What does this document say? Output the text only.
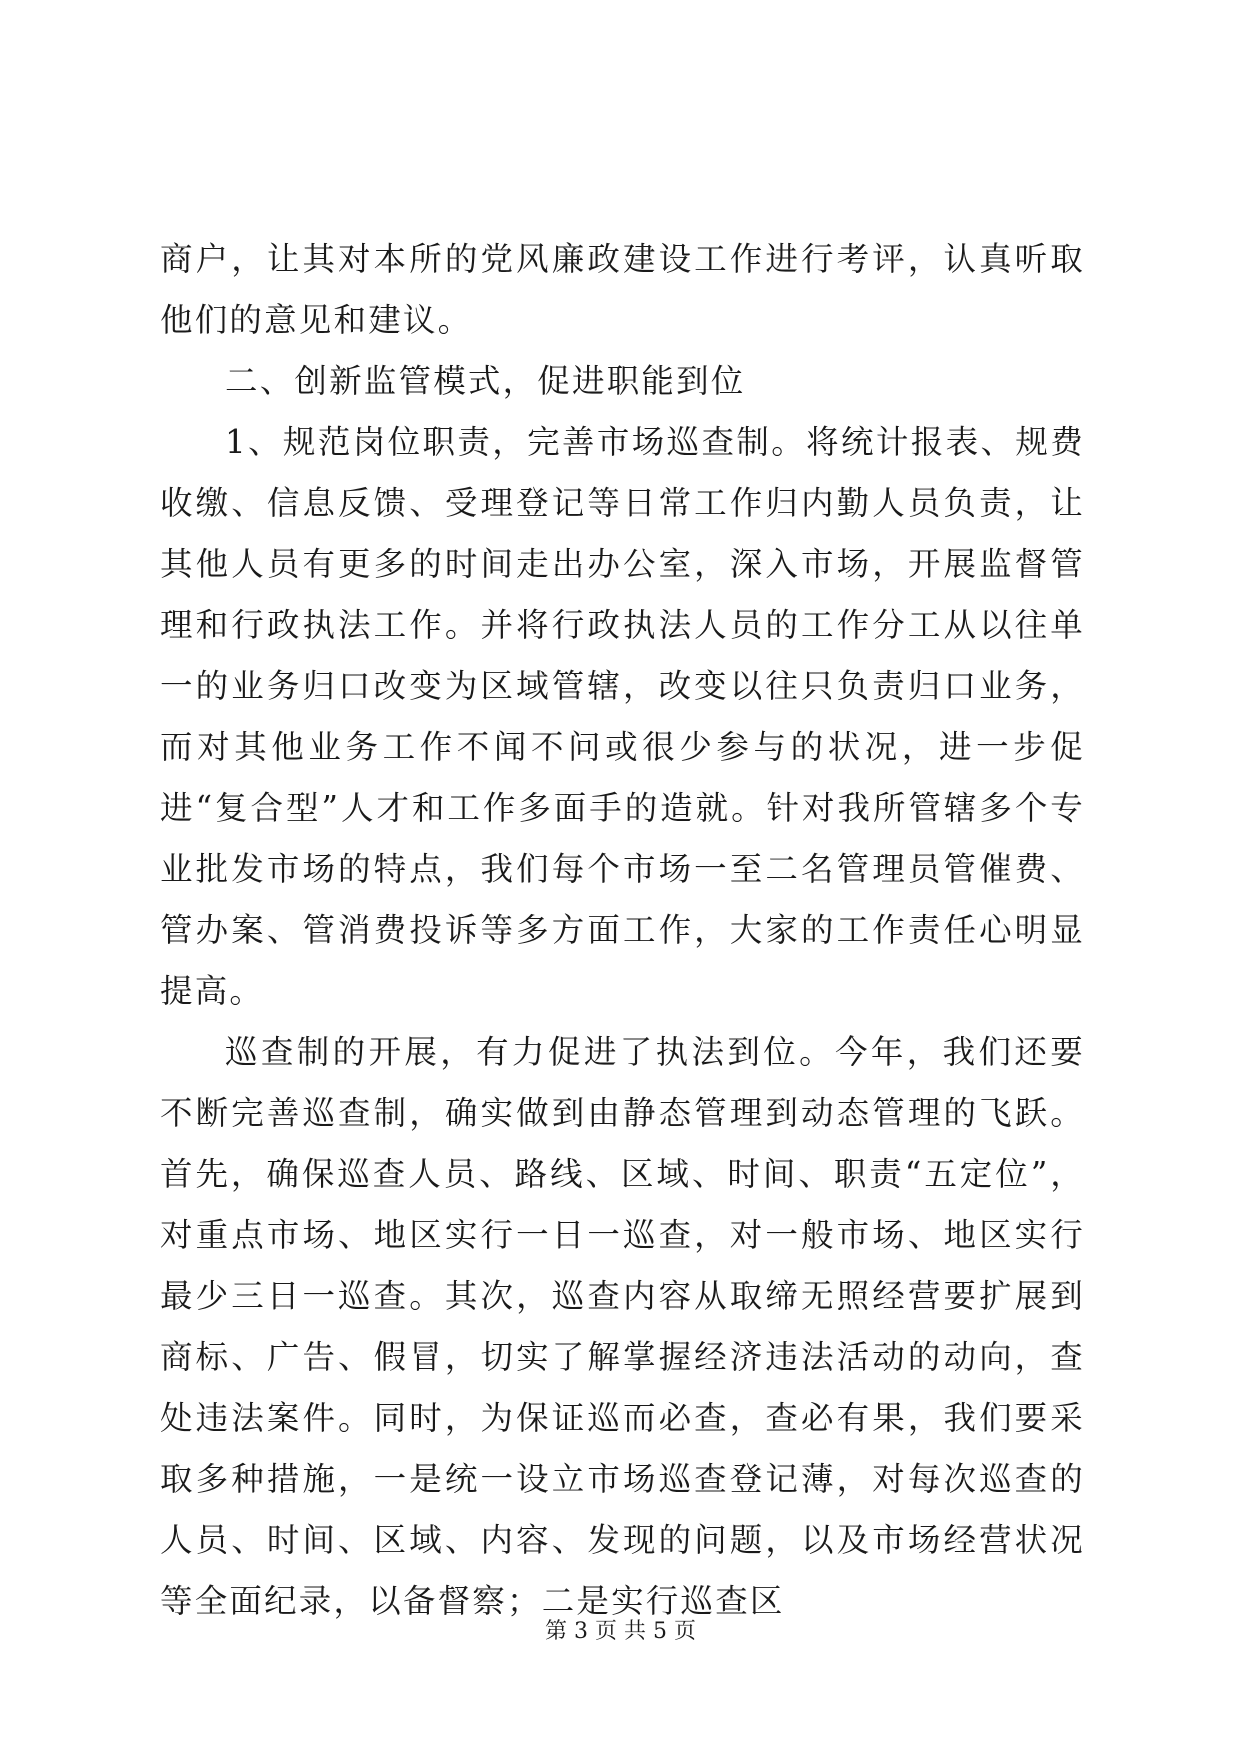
商户，让其对本所的党风廉政建设工作进行考评，认真听取他们的意见和建议。

二、创新监管模式，促进职能到位

1、规范岗位职责，完善市场巡查制。将统计报表、规费收缴、信息反馈、受理登记等日常工作归内勤人员负责，让其他人员有更多的时间走出办公室，深入市场，开展监督管理和行政执法工作。并将行政执法人员的工作分工从以往单一的业务归口改变为区域管辖，改变以往只负责归口业务，而对其他业务工作不闻不问或很少参与的状况，进一步促进“复合型”人才和工作多面手的造就。针对我所管辖多个专业批发市场的特点，我们每个市场一至二名管理员管催费、管办案、管消费投诉等多方面工作，大家的工作责任心明显提高。

巡查制的开展，有力促进了执法到位。今年，我们还要不断完善巡查制，确实做到由静态管理到动态管理的飞跃。首先，确保巡查人员、路线、区域、时间、职责“五定位”，对重点市场、地区实行一日一巡查，对一般市场、地区实行最少三日一巡查。其次，巡查内容从取缔无照经营要扩展到商标、广告、假冒，切实了解掌握经济违法活动的动向，查处违法案件。同时，为保证巡而必查，查必有果，我们要采取多种措施，一是统一设立市场巡查登记薄，对每次巡查的人员、时间、区域、内容、发现的问题，以及市场经营状况等全面纪录，以备督察；二是实行巡查区

第 3 页 共 5 页
